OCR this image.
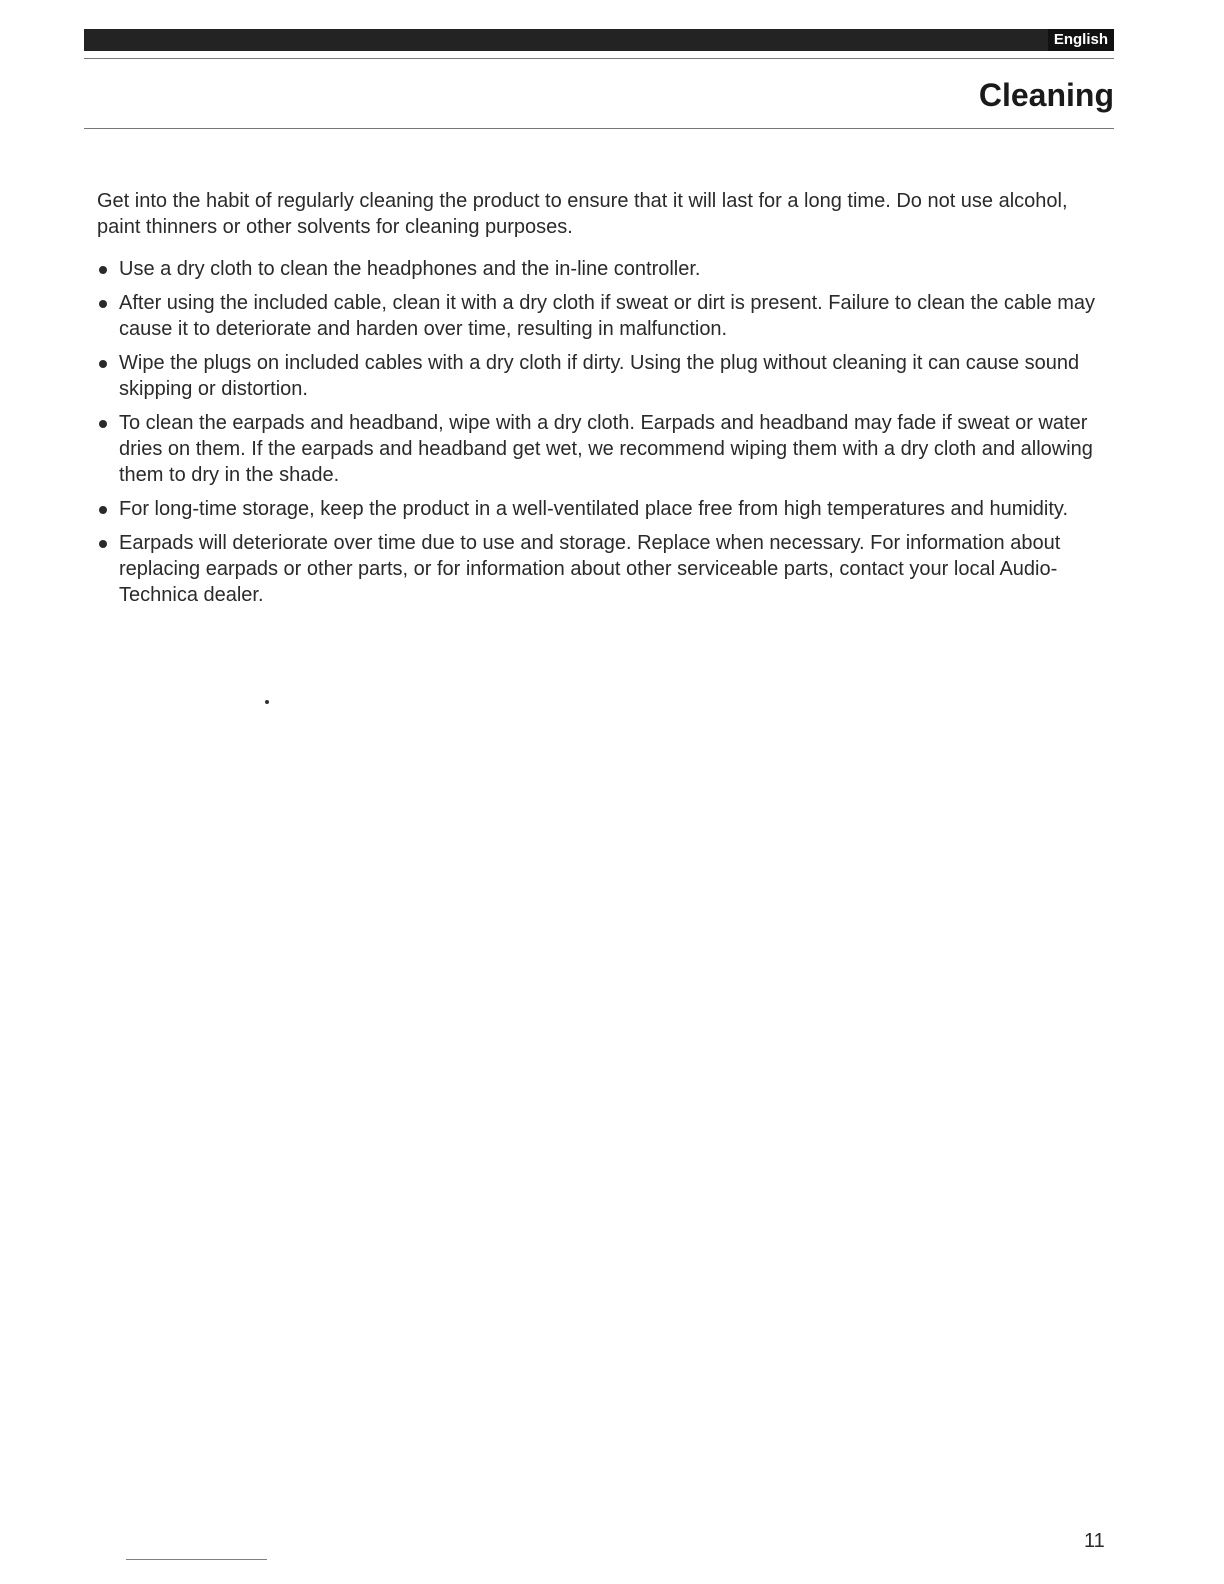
English
Cleaning

Get into the habit of regularly cleaning the product to ensure that it will last for a long time. Do not use alcohol, paint thinners or other solvents for cleaning purposes.

Use a dry cloth to clean the headphones and the in-line controller.
After using the included cable, clean it with a dry cloth if sweat or dirt is present. Failure to clean the cable may cause it to deteriorate and harden over time, resulting in malfunction.
Wipe the plugs on included cables with a dry cloth if dirty. Using the plug without cleaning it can cause sound skipping or distortion.
To clean the earpads and headband, wipe with a dry cloth. Earpads and headband may fade if sweat or water dries on them. If the earpads and headband get wet, we recommend wiping them with a dry cloth and allowing them to dry in the shade.
For long-time storage, keep the product in a well-ventilated place free from high temperatures and humidity.
Earpads will deteriorate over time due to use and storage. Replace when necessary. For information about replacing earpads or other parts, or for information about other serviceable parts, contact your local Audio-Technica dealer.
11
